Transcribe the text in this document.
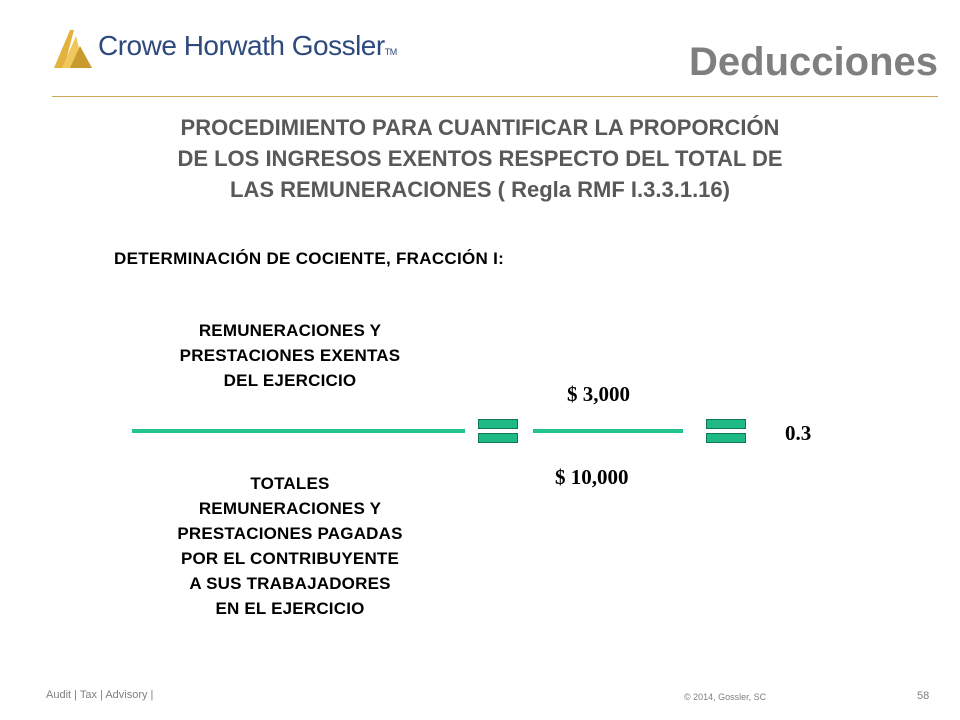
Crowe Horwath GosslerTM	Deducciones
PROCEDIMIENTO PARA CUANTIFICAR LA PROPORCIÓN
DE LOS INGRESOS EXENTOS RESPECTO DEL TOTAL DE
LAS REMUNERACIONES ( Regla RMF I.3.3.1.16)
DETERMINACIÓN DE COCIENTE, FRACCIÓN I:
REMUNERACIONES Y
PRESTACIONES EXENTAS
DEL EJERCICIO
$ 3,000
$ 10,000
0.3
TOTALES
REMUNERACIONES Y
PRESTACIONES PAGADAS
POR EL CONTRIBUYENTE
A SUS TRABAJADORES
EN EL EJERCICIO
Audit | Tax | Advisory |	© 2014, Gossler, SC	58
